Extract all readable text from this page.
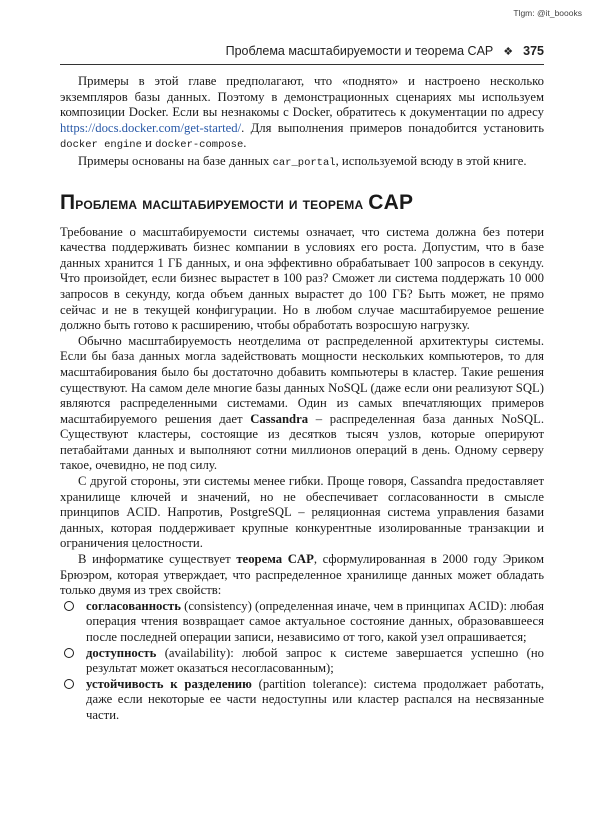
Tlgm: @it_boooks
Проблема масштабируемости и теорема CAP ❖ 375

Примеры в этой главе предполагают, что «поднято» и настроено несколько экземпляров базы данных. Поэтому в демонстрационных сценариях мы используем композиции Docker. Если вы незнакомы с Docker, обратитесь к документации по адресу https://docs.docker.com/get-started/. Для выполнения примеров понадобится установить docker engine и docker-compose.

Примеры основаны на базе данных car_portal, используемой всюду в этой книге.

Проблема масштабируемости и теорема CAP

Требование о масштабируемости системы означает, что система должна без потери качества поддерживать бизнес компании в условиях его роста. Допустим, что в базе данных хранится 1 ГБ данных, и она эффективно обрабатывает 100 запросов в секунду. Что произойдет, если бизнес вырастет в 100 раз? Сможет ли система поддержать 10 000 запросов в секунду, когда объем данных вырастет до 100 ГБ? Быть может, не прямо сейчас и не в текущей конфигурации. Но в любом случае масштабируемое решение должно быть готово к расширению, чтобы обработать возросшую нагрузку.

Обычно масштабируемость неотделима от распределенной архитектуры системы. Если бы база данных могла задействовать мощности нескольких компьютеров, то для масштабирования было бы достаточно добавить компьютеры в кластер. Такие решения существуют. На самом деле многие базы данных NoSQL (даже если они реализуют SQL) являются распределенными системами. Один из самых впечатляющих примеров масштабируемого решения дает Cassandra – распределенная база данных NoSQL. Существуют кластеры, состоящие из десятков тысяч узлов, которые оперируют петабайтами данных и выполняют сотни миллионов операций в день. Одному серверу такое, очевидно, не под силу.

С другой стороны, эти системы менее гибки. Проще говоря, Cassandra предоставляет хранилище ключей и значений, но не обеспечивает согласованности в смысле принципов ACID. Напротив, PostgreSQL – реляционная система управления базами данных, которая поддерживает крупные конкурентные изолированные транзакции и ограничения целостности.

В информатике существует теорема CAP, сформулированная в 2000 году Эриком Брюэром, которая утверждает, что распределенное хранилище данных может обладать только двумя из трех свойств:

согласованность (consistency) (определенная иначе, чем в принципах ACID): любая операция чтения возвращает самое актуальное состояние данных, образовавшееся после последней операции записи, независимо от того, какой узел опрашивается;
доступность (availability): любой запрос к системе завершается успешно (но результат может оказаться несогласованным);
устойчивость к разделению (partition tolerance): система продолжает работать, даже если некоторые ее части недоступны или кластер распался на несвязанные части.
